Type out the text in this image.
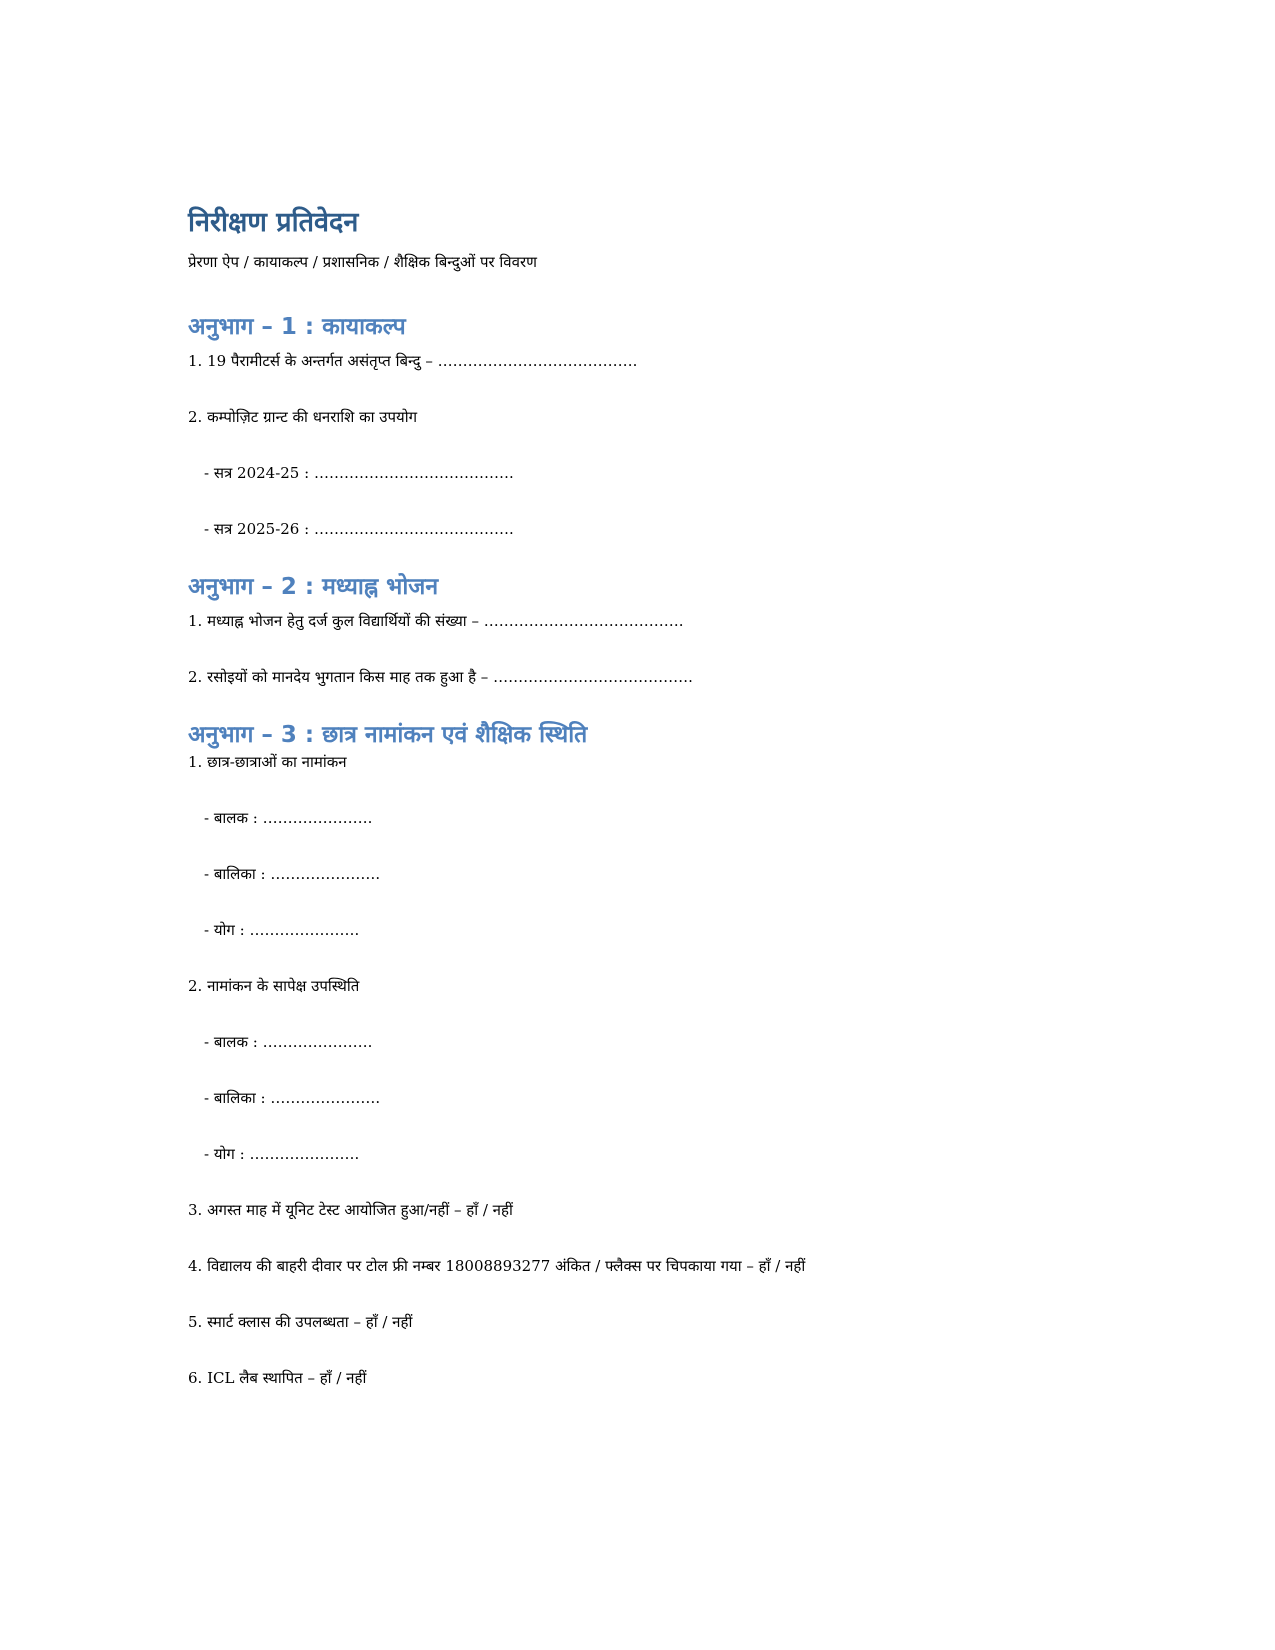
निरीक्षण प्रतिवेदन

प्रेरणा ऐप / कायाकल्प / प्रशासनिक / शैक्षिक बिन्दुओं पर विवरण

अनुभाग – 1 : कायाकल्प

1. 19 पैरामीटर्स के अन्तर्गत असंतृप्त बिन्दु – ………………………………….

2. कम्पोज़िट ग्रान्ट की धनराशि का उपयोग

- सत्र 2024-25 : ………………………………….

- सत्र 2025-26 : ………………………………….

अनुभाग – 2 : मध्याह्न भोजन

1. मध्याह्न भोजन हेतु दर्ज कुल विद्यार्थियों की संख्या – ………………………………….

2. रसोइयों को मानदेय भुगतान किस माह तक हुआ है – ………………………………….

अनुभाग – 3 : छात्र नामांकन एवं शैक्षिक स्थिति

1. छात्र-छात्राओं का नामांकन

- बालक : ………………….

- बालिका : ………………….

- योग : ………………….

2. नामांकन के सापेक्ष उपस्थिति

- बालक : ………………….

- बालिका : ………………….

- योग : ………………….

3. अगस्त माह में यूनिट टेस्ट आयोजित हुआ/नहीं – हाँ / नहीं

4. विद्यालय की बाहरी दीवार पर टोल फ्री नम्बर 18008893277 अंकित / फ्लैक्स पर चिपकाया गया – हाँ / नहीं

5. स्मार्ट क्लास की उपलब्धता – हाँ / नहीं

6. ICL लैब स्थापित – हाँ / नहीं
